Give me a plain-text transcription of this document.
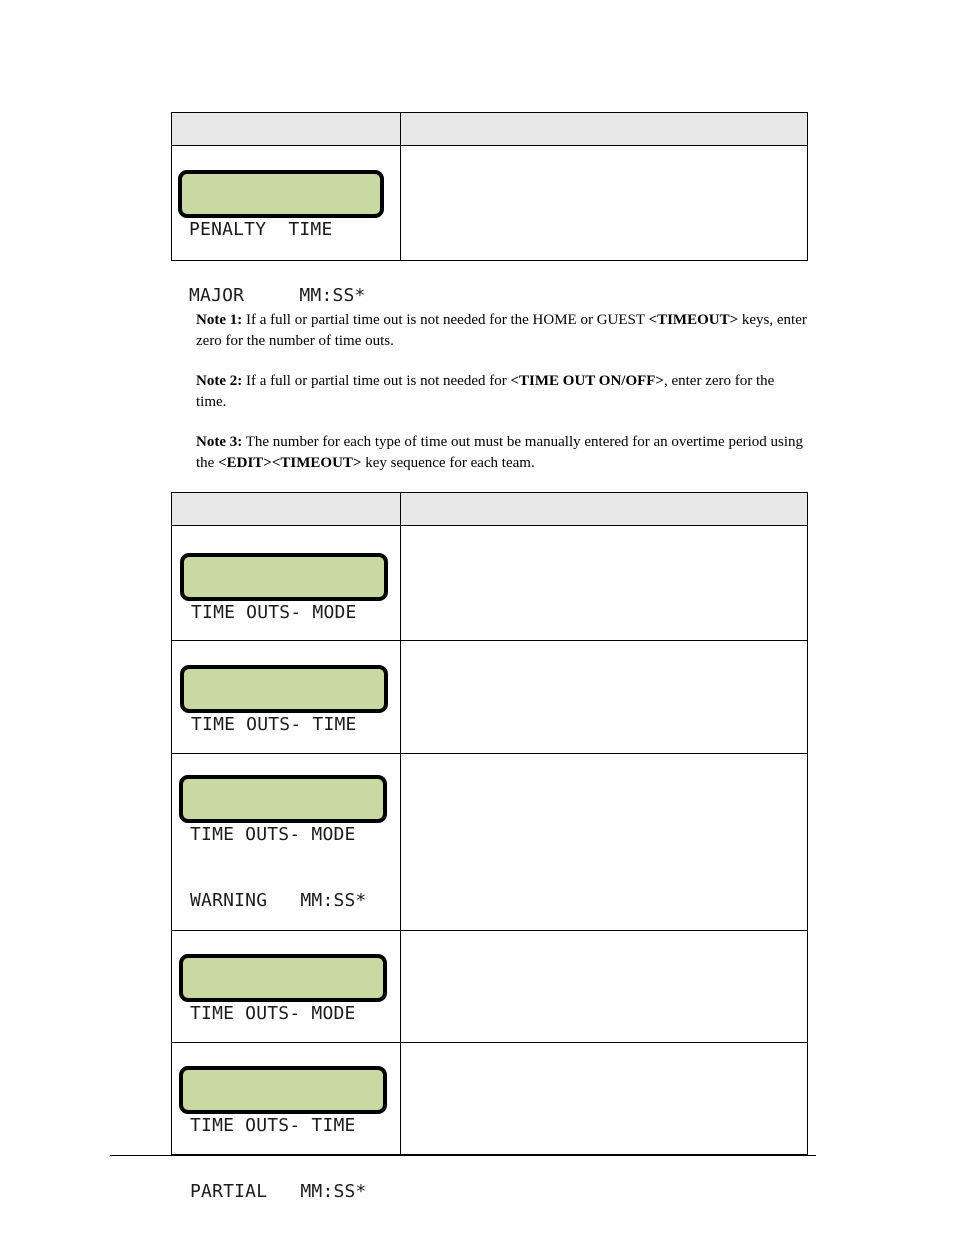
PENALTY  TIME

MAJOR     MM:SS*	

Note 1: If a full or partial time out is not needed for the HOME or GUEST <TIMEOUT> keys, enter zero for the number of time outs.

Note 2: If a full or partial time out is not needed for <TIME OUT ON/OFF>, enter zero for the time.

Note 3: The number for each type of time out must be manually entered for an overtime period using the <EDIT><TIMEOUT> key sequence for each team.

TIME OUTS- MODE	

TIME OUTS- TIME	

TIME OUTS- MODE

WARNING   MM:SS*	

TIME OUTS- MODE	

TIME OUTS- TIME

PARTIAL   MM:SS*	
